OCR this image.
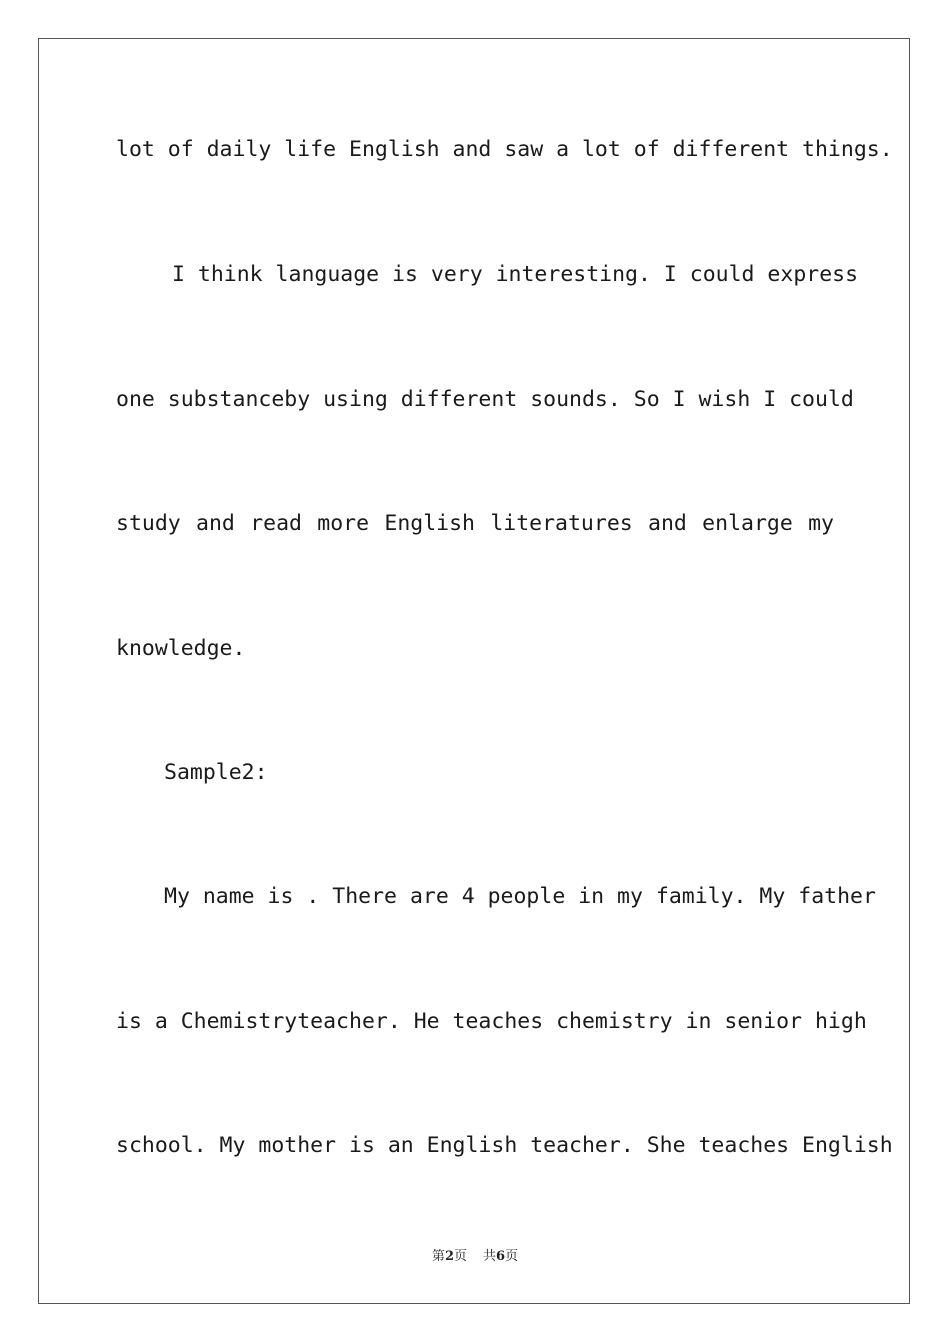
lot of daily life English and saw a lot of different things.
I think language is very interesting. I could express
one substanceby using different sounds. So I wish I could
study and read more English literatures and enlarge my
knowledge.
Sample2:
My name is . There are 4 people in my family. My father
is a Chemistryteacher. He teaches chemistry in senior high
school. My mother is an English teacher. She teaches English
第2页 共6页
